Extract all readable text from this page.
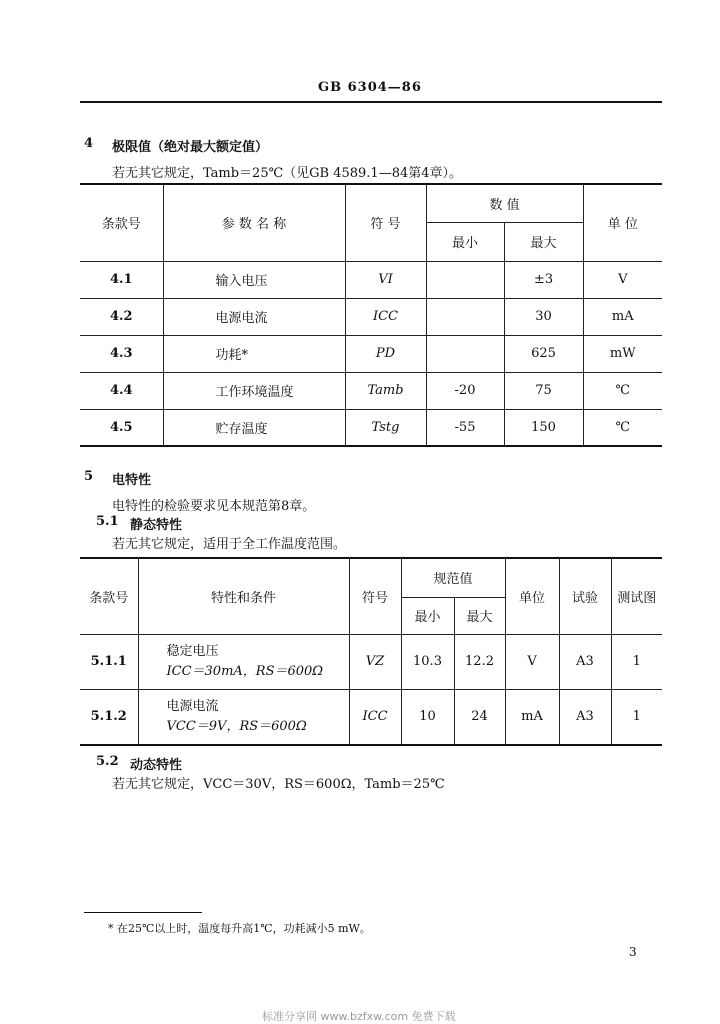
GB 6304—86
4 极限值（绝对最大额定值）
若无其它规定，Tamb＝25℃（见GB 4589.1—84第4章）。
条款号	参 数 名 称	符 号	数 值		单 位
			最小	最大	
4.1	输入电压	VI		±3	V
4.2	电源电流	ICC		30	mA
4.3	功耗*	PD		625	mW
4.4	工作环境温度	Tamb	-20	75	℃
4.5	贮存温度	Tstg	-55	150	℃
5 电特性
电特性的检验要求见本规范第8章。
5.1 静态特性
若无其它规定，适用于全工作温度范围。
条款号	特性和条件	符号	规范值		单位	试验	测试图
			最小	最大			
5.1.1	稳定电压
ICC＝30mA，RS＝600Ω	VZ	10.3	12.2	V	A3	1
5.1.2	电源电流
VCC＝9V，RS＝600Ω	ICC	10	24	mA	A3	1
5.2 动态特性
若无其它规定，VCC＝30V，RS＝600Ω，Tamb＝25℃
* 在25℃以上时，温度每升高1℃，功耗减小5 mW。
3
标准分享网 www.bzfxw.com 免费下载
